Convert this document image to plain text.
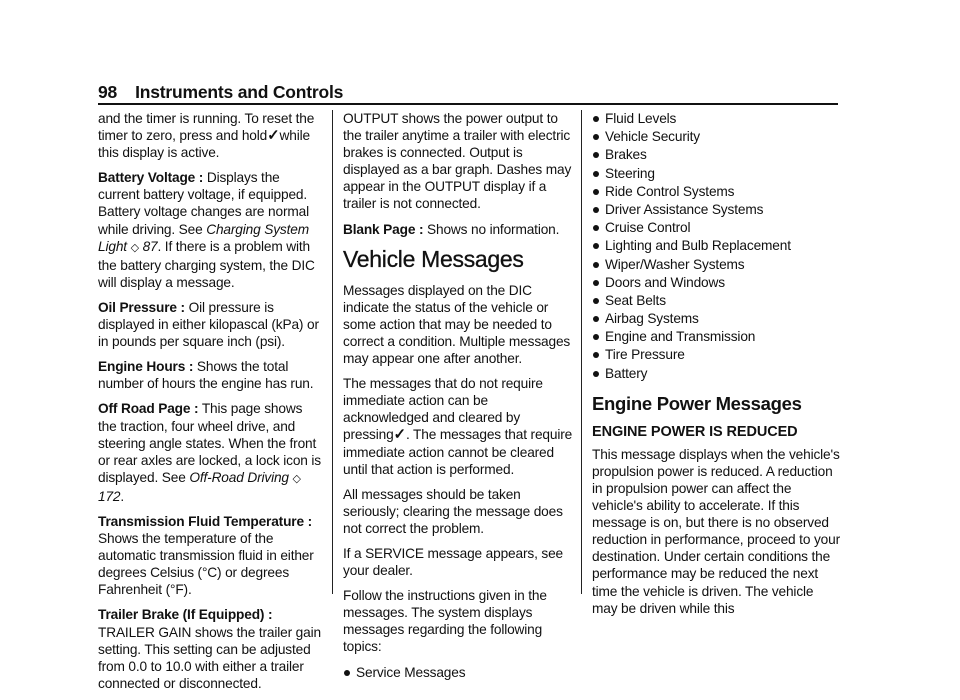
98 Instruments and Controls

and the timer is running. To reset the timer to zero, press and hold✓while this display is active.

Battery Voltage : Displays the current battery voltage, if equipped. Battery voltage changes are normal while driving. See Charging System Light ◇ 87. If there is a problem with the battery charging system, the DIC will display a message.

Oil Pressure : Oil pressure is displayed in either kilopascal (kPa) or in pounds per square inch (psi).

Engine Hours : Shows the total number of hours the engine has run.

Off Road Page : This page shows the traction, four wheel drive, and steering angle states. When the front or rear axles are locked, a lock icon is displayed. See Off-Road Driving ◇ 172.

Transmission Fluid Temperature : Shows the temperature of the automatic transmission fluid in either degrees Celsius (°C) or degrees Fahrenheit (°F).

Trailer Brake (If Equipped) : TRAILER GAIN shows the trailer gain setting. This setting can be adjusted from 0.0 to 10.0 with either a trailer connected or disconnected.

OUTPUT shows the power output to the trailer anytime a trailer with electric brakes is connected. Output is displayed as a bar graph. Dashes may appear in the OUTPUT display if a trailer is not connected.

Blank Page : Shows no information.

Vehicle Messages

Messages displayed on the DIC indicate the status of the vehicle or some action that may be needed to correct a condition. Multiple messages may appear one after another.

The messages that do not require immediate action can be acknowledged and cleared by pressing✓. The messages that require immediate action cannot be cleared until that action is performed.

All messages should be taken seriously; clearing the message does not correct the problem.

If a SERVICE message appears, see your dealer.

Follow the instructions given in the messages. The system displays messages regarding the following topics:

Service Messages
Fluid Levels
Vehicle Security
Brakes
Steering
Ride Control Systems
Driver Assistance Systems
Cruise Control
Lighting and Bulb Replacement
Wiper/Washer Systems
Doors and Windows
Seat Belts
Airbag Systems
Engine and Transmission
Tire Pressure
Battery
Engine Power Messages
ENGINE POWER IS REDUCED

This message displays when the vehicle's propulsion power is reduced. A reduction in propulsion power can affect the vehicle's ability to accelerate. If this message is on, but there is no observed reduction in performance, proceed to your destination. Under certain conditions the performance may be reduced the next time the vehicle is driven. The vehicle may be driven while this
